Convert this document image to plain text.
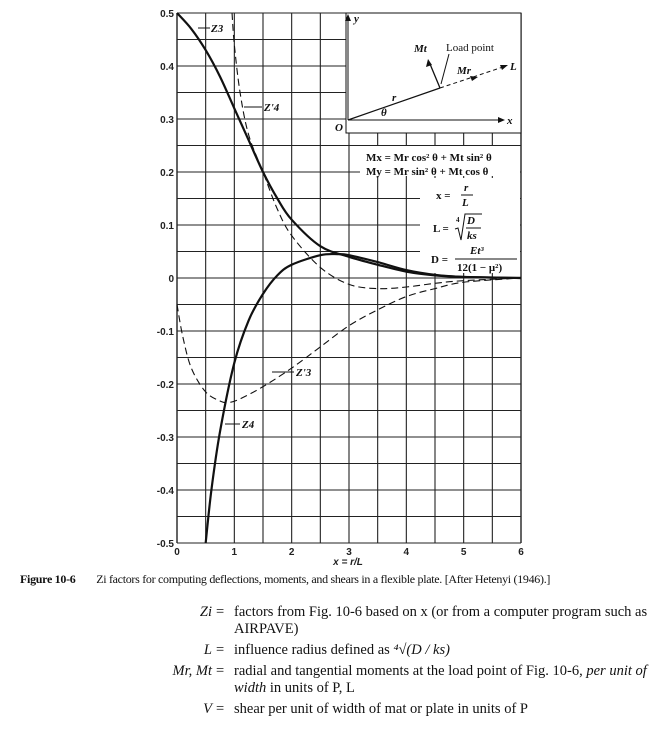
0	1	2	3	4	5	6
0.5
0.4
0.3
0.2
0.1
0
-0.1
-0.2
-0.3
-0.4
-0.5
y
x
O
L
r
θ
Mt Load point
Mr
Mx = Mr cos² θ + Mt sin² θ
My = Mr sin² θ + Mt cos θ
x =
r
L
L =
4 D
ks
D =
Et³
12(1 − μ²)
Z3
Z'4
Z'3
Z4
x = r/L
Figure 10-6 Zi factors for computing deflections, moments, and shears in a flexible plate. [After Hetenyi (1946).]
Zi = factors from Fig. 10-6 based on x (or from a computer program such as AIRPAVE)
L = influence radius defined as ⁴√(D / ks)
Mr, Mt = radial and tangential moments at the load point of Fig. 10-6, per unit of width in units of P, L
V = shear per unit of width of mat or plate in units of P
